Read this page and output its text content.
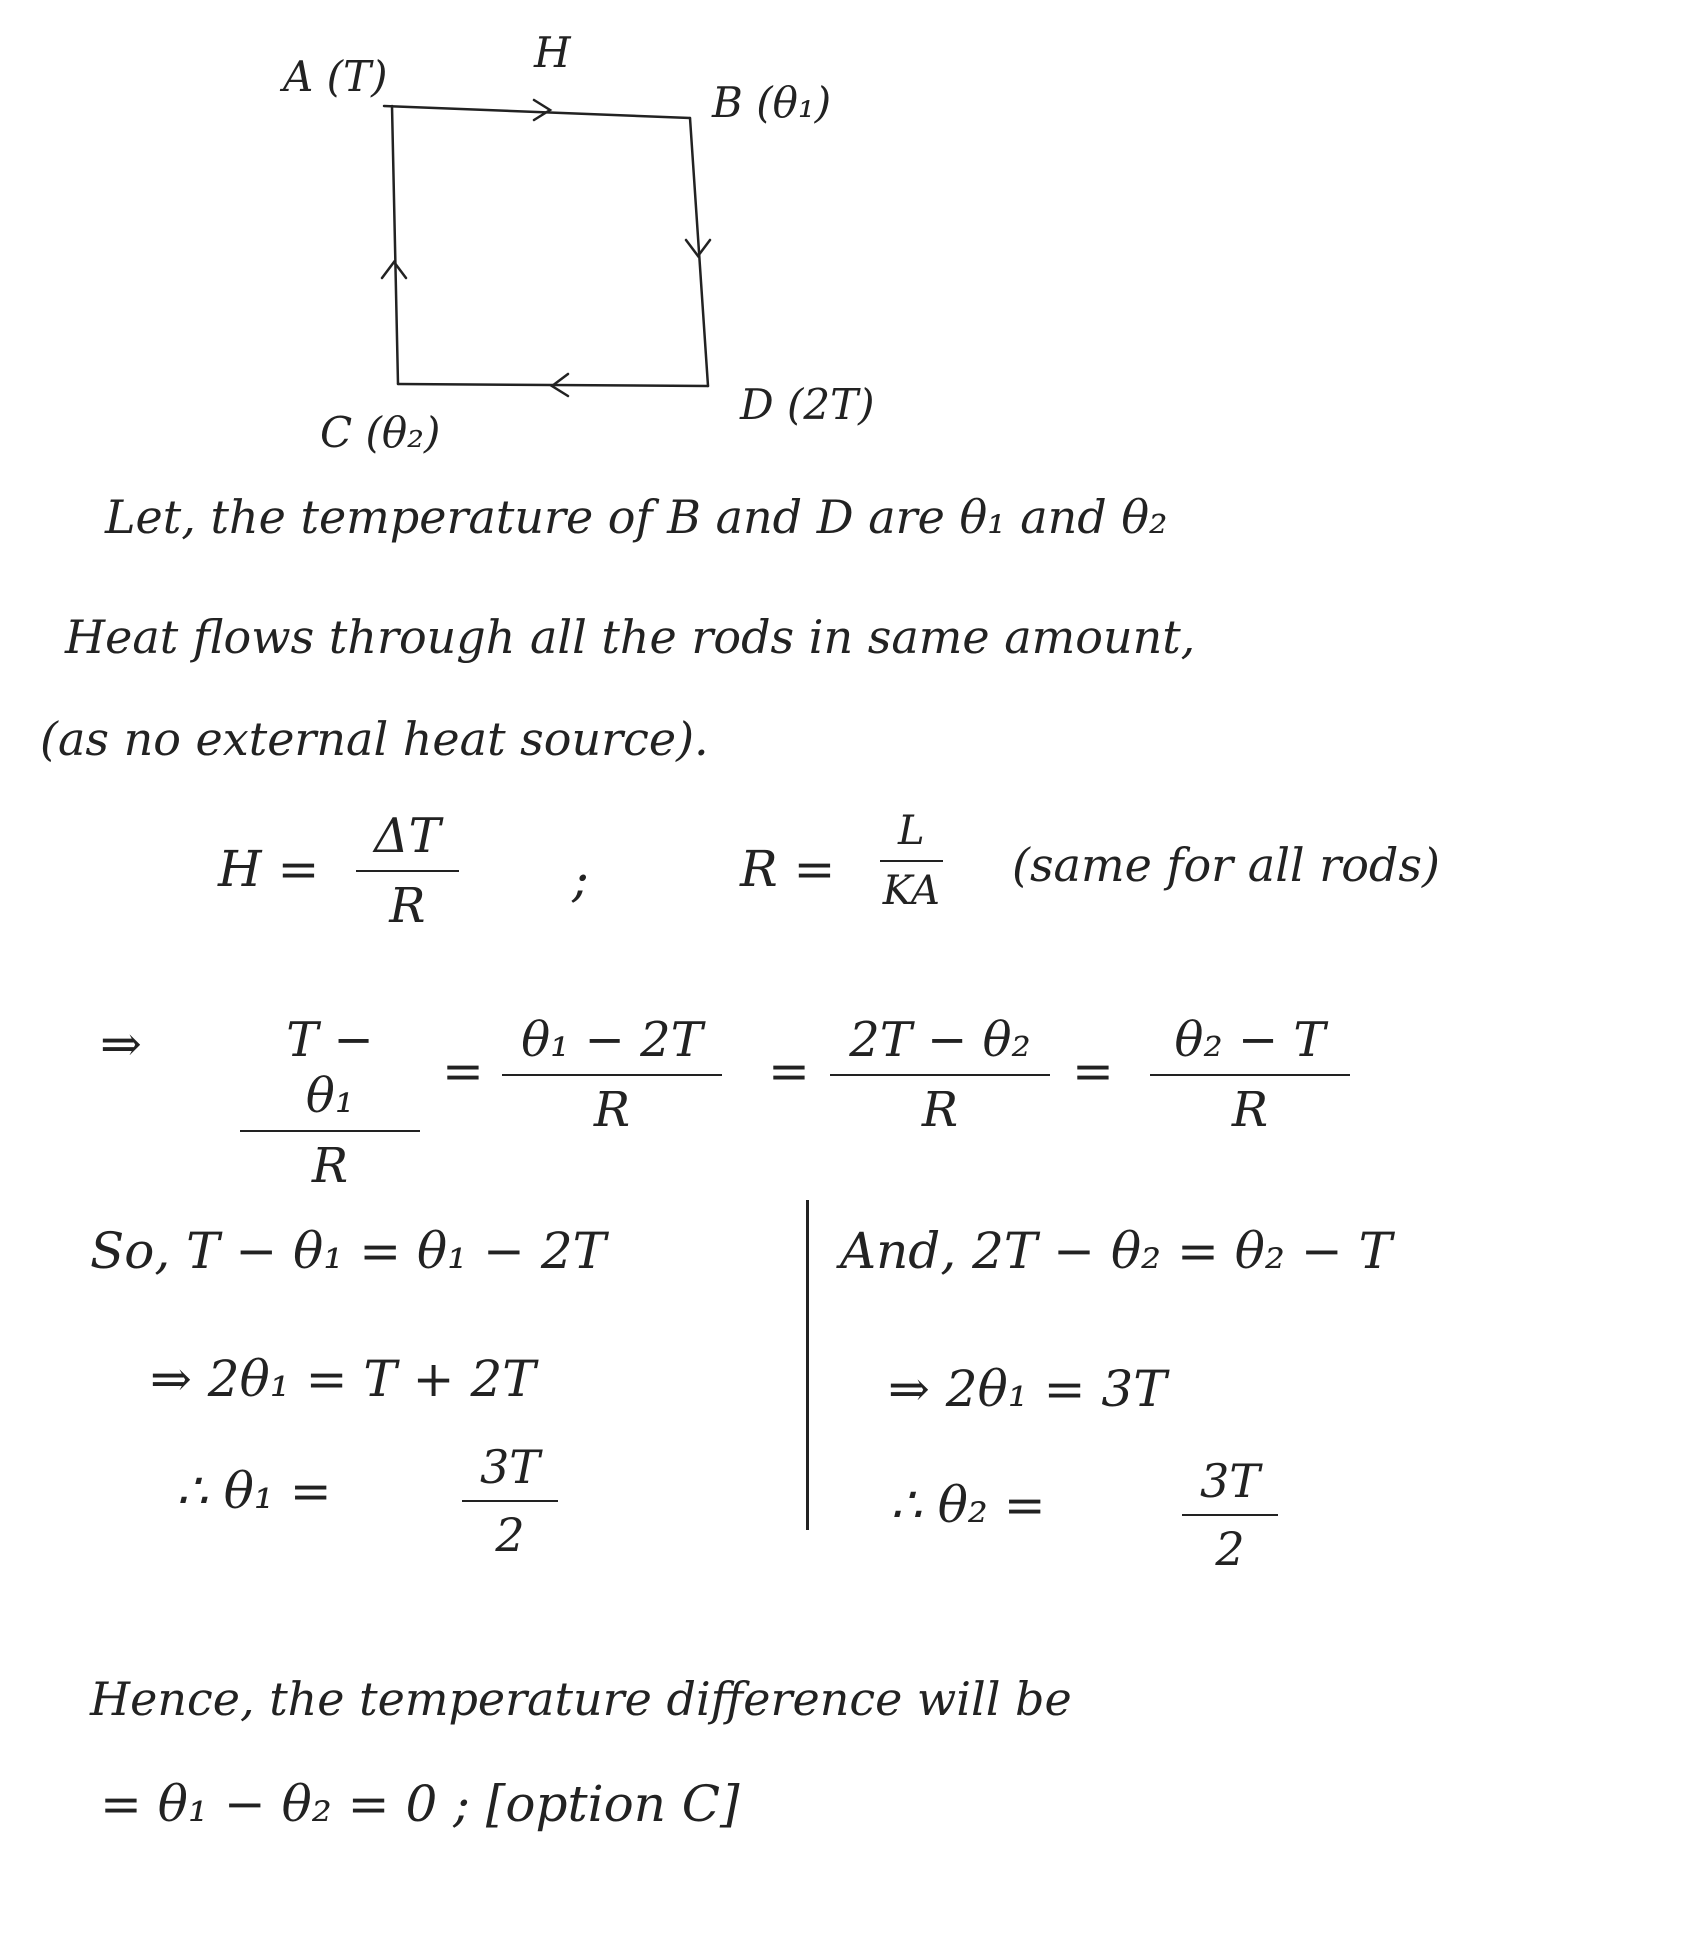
A (T)	H
B (θ₁)
C (θ₂)
D (2T)
Let, the temperature of B and D are θ₁ and θ₂
Heat flows through all the rods in same amount,
(as no external heat source).
$H = \frac{\Delta T}{R}$ ;	$R = \frac{L}{KA}$ (same for all rods)
⇒ $\frac{\text{T − θ₁}}{R} = \frac{\text{θ₁ − 2T}}{R} = \frac{\text{2T − θ₂}}{R} = \frac{\text{θ₂ − T}}{R}$
So, T − θ₁ = θ₁ − 2T
⇒ 2θ₁ = T + 2T
∴ θ₁ =	$\frac{3T}{2}$
And, 2T − θ₂ = θ₂ − T
⇒ 2θ₁ = 3T
∴ θ₂ =	$\frac{3T}{2}$
Hence, the temperature difference will be
= θ₁ − θ₂ = 0 ; [option C]
